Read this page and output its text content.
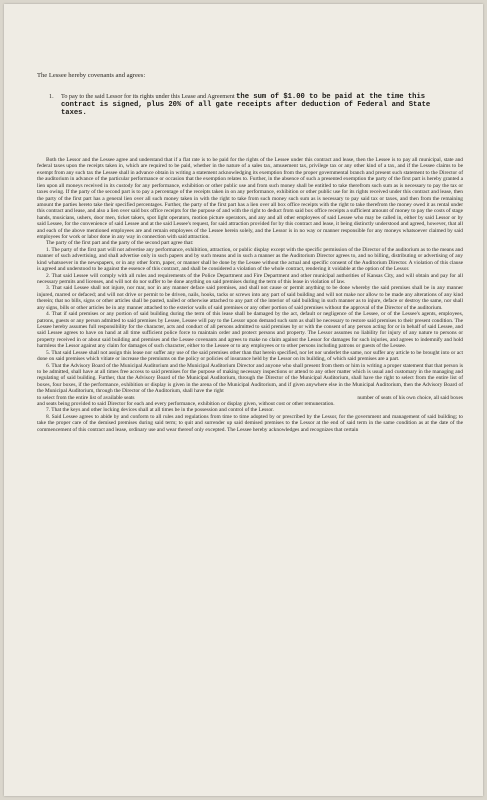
The Lessee hereby covenants and agrees:
1.	To pay to the said Lessor for its rights under this Lease and Agreement the sum of $1.00 to be paid at the time this contract is signed, plus 20% of all gate receipts after deduction of Federal and State taxes.

Both the Lessor and the Lessee agree and understand that if a flat rate is to be paid for the rights of the Lessee under this contract and lease, then the Lessee is to pay all municipal, state and federal taxes upon the receipts taken in, which are required to be paid, whether in the nature of a sales tax, amusement tax, privilege tax or any other kind of a tax, and if the Lessee claims to be exempt from any such tax the Lessee shall in advance obtain in writing a statement acknowledging its exemption from the proper governmental branch and present such statement to the Director of the auditorium in advance of the particular performance or occasion that the exemption relates to. Further, in the absence of such a presented exemption the party of the first part is hereby granted a lien upon all moneys received in its custody for any performance, exhibition or other public use and from such money shall be entitled to take therefrom such sum as is necessary to pay the tax or taxes owing. If the party of the second part is to pay a percentage of the receipts taken in on any performance, exhibition or other public use for its rights received under this contract and lease, then the party of the first part has a general lien over all such money taken in with the right to take from such money such sum as is necessary to pay said tax or taxes, and then from the remaining amount the parties hereto take their specified percentages. Further, the party of the first part has a lien over all box office receipts with the right to take therefrom the money owed it as rental under this contract and lease, and also a lien over said box office receipts for the purpose of and with the right to deduct from said box office receipts a sufficient amount of money to pay the costs of stage hands, musicians, ushers, door men, ticket takers, spot light operators, motion picture operators, and any and all other employees of said Lessee who may be called in, either by said Lessor or by said Lessee, for the convenience of said Lessee and at the said Lessee's request, for said attraction provided for by this contract and lease, it being distinctly understood and agreed, however, that all and each of the above mentioned employees are and remain employees of the Lessee herein solely, and the Lessor is in no way or manner responsible for any moneys whatsoever claimed by said employees for work or labor done in any way in connection with said attraction.

The party of the first part and the party of the second part agree that:

1. The party of the first part will not advertise any performance, exhibition, attraction, or public display except with the specific permission of the Director of the auditorium as to the means and manner of such advertising, and shall advertise only in such papers and by such means and in such a manner as the Auditorium Director agrees to, and no billing, distributing or advertising of any kind whatsoever in the newspapers, or in any other form, paper, or manner shall be done by the Lessee without the actual and specific consent of the Auditorium Director. A violation of this clause is agreed and understood to be against the essence of this contract, and shall be considered a violation of the whole contract, rendering it voidable at the option of the Lessor.

2. That said Lessee will comply with all rules and requirements of the Police Department and Fire Department and other municipal authorities of Kansas City, and will obtain and pay for all necessary permits and licenses, and will not do nor suffer to be done anything on said premises during the term of this lease in violation of law.

3. That said Lessee shall not injure, nor mar, nor in any manner deface said premises, and shall not cause or permit anything to be done whereby the said premises shall be in any manner injured, marred or defaced; and will not drive or permit to be driven, nails, hooks, tacks or screws into any part of said building and will not make nor allow to be made any alterations of any kind therein; that no bills, signs or other articles shall be pasted, nailed or otherwise attached to any part of the interior of said building in such manner as to injure, deface or destroy the same, nor shall any signs, bills or other articles be in any manner attached to the exterior walls of said premises or any other portion of said premises without the approval of the Director of the auditorium.

4. That if said premises or any portion of said building during the term of this lease shall be damaged by the act, default or negligence of the Lessee, or of the Lessee's agents, employees, patrons, guests or any person admitted to said premises by Lessee, Lessee will pay to the Lessor upon demand such sum as shall be necessary to restore said premises to their present condition. The Lessee hereby assumes full responsibility for the character, acts and conduct of all persons admitted to said premises by or with the consent of any person acting for or in behalf of said Lessee, and said Lessee agrees to have on hand at all time sufficient police force to maintain order and protect persons and property. The Lessor assumes no liability for injury of any nature to persons or property received in or about said building and premises and the Lessee covenants and agrees to make no claim against the Lessor for damages for such injuries, and agrees to indemnify and hold harmless the Lessor against any claim for damages of such character, either to the Lessee or to any employees or to other persons including patrons or guests of the Lessee.

5. That said Lessee shall not assign this lease nor suffer any use of the said premises other than that herein specified, nor let nor underlet the same, nor suffer any article to be brought into or act done on said premises which vitiate or increase the premiums on the policy or policies of insurance held by the Lessor on its building, of which said premises are a part.

6. That the Advisory Board of the Municipal Auditorium and the Municipal Auditorium Director and anyone who shall present from them or him in writing a proper statement that that person is to be admitted, shall have at all times free access to said premises for the purpose of making necessary inspections or attend to any other matter which is usual and customary in the managing and regulating of said building. Further, that the Advisory Board of the Municipal Auditorium, through the Director of the Municipal Auditorium, shall have the right to select from the entire list of boxes, four boxes, if the performance, exhibition or display is given in the arena of the Municipal Auditorium, and if given anywhere else in the Municipal Auditorium, then the Advisory Board of the Municipal Auditorium, through the Director of the Auditorium, shall have the right

to select from the entire list of available seats	number of seats of his own choice, all said boxes

and seats being provided to said Director for each and every performance, exhibition or display given, without cost or other remuneration.

7. That the keys and other locking devices shall at all times be in the possession and control of the Lessor.

8. Said Lessee agrees to abide by and conform to all rules and regulations from time to time adopted by or prescribed by the Lessor, for the government and management of said building; to take the proper care of the demised premises during said term; to quit and surrender up said demised premises to the Lessor at the end of said term in the same condition as at the date of the commencement of this contract and lease, ordinary use and wear thereof only excepted. The Lessee hereby acknowledges and recognizes that certain
